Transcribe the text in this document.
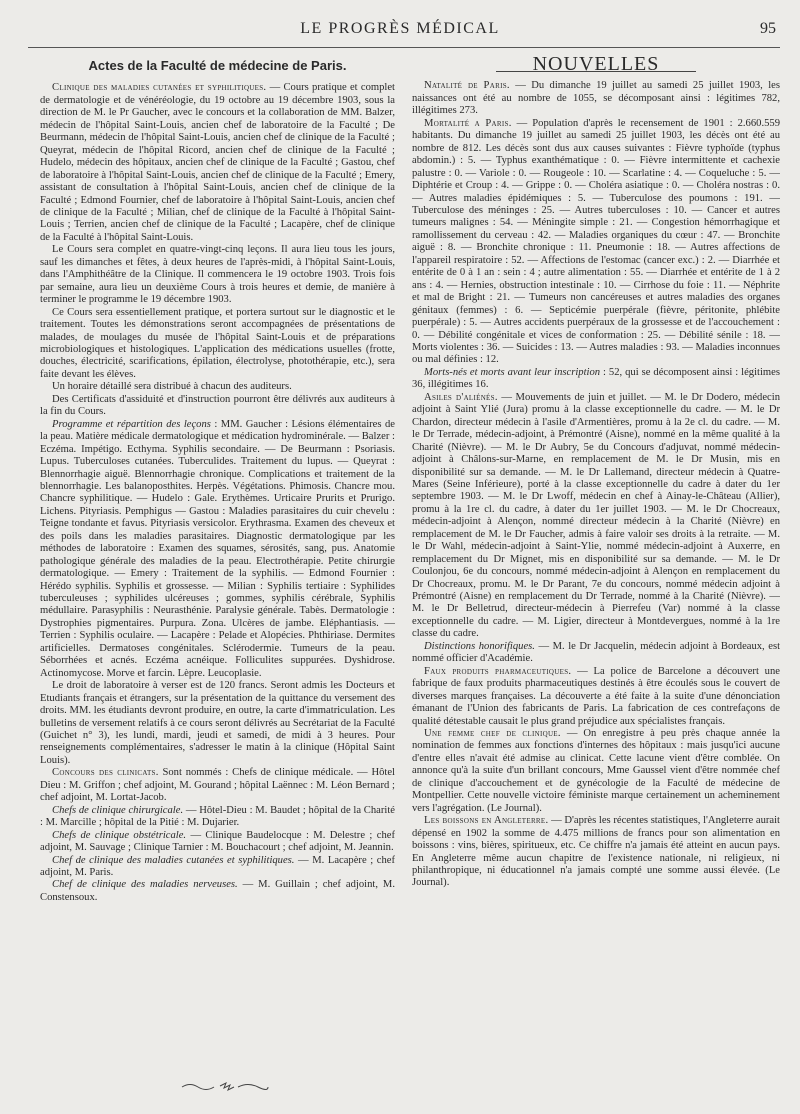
LE PROGRÈS MÉDICAL	95
Actes de la Faculté de médecine de Paris.

Clinique des maladies cutanées et syphilitiques. — Cours pratique et complet de dermatologie et de vénéréologie, du 19 octobre au 19 décembre 1903, sous la direction de M. le Pr Gaucher, avec le concours et la collaboration de MM. Balzer, médecin de l'hôpital Saint-Louis, ancien chef de laboratoire de la Faculté ; De Beurmann, médecin de l'hôpital Saint-Louis, ancien chef de clinique de la Faculté ; Queyrat, médecin de l'hôpital Ricord, ancien chef de clinique de la Faculté ; Hudelo, médecin des hôpitaux, ancien chef de clinique de la Faculté ; Gastou, chef de laboratoire à l'hôpital Saint-Louis, ancien chef de clinique de la Faculté ; Emery, assistant de consultation à l'hôpital Saint-Louis, ancien chef de clinique de la Faculté ; Edmond Fournier, chef de laboratoire à l'hôpital Saint-Louis, ancien chef de clinique de la Faculté ; Milian, chef de clinique de la Faculté à l'hôpital Saint-Louis ; Terrien, ancien chef de clinique de la Faculté ; Lacapère, chef de clinique de la Faculté à l'hôpital Saint-Louis.

Le Cours sera complet en quatre-vingt-cinq leçons. Il aura lieu tous les jours, sauf les dimanches et fêtes, à deux heures de l'après-midi, à l'hôpital Saint-Louis, dans l'Amphithéâtre de la Clinique. Il commencera le 19 octobre 1903. Trois fois par semaine, aura lieu un deuxième Cours à trois heures et demie, de manière à terminer le programme le 19 décembre 1903.

Ce Cours sera essentiellement pratique, et portera surtout sur le diagnostic et le traitement. Toutes les démonstrations seront accompagnées de présentations de malades, de moulages du musée de l'hôpital Saint-Louis et de préparations microbiologiques et histologiques. L'application des médications usuelles (frotte, douches, électricité, scarifications, épilation, électrolyse, photothérapie, etc.), sera faite devant les élèves.

Un horaire détaillé sera distribué à chacun des auditeurs.

Des Certificats d'assiduité et d'instruction pourront être délivrés aux auditeurs à la fin du Cours.

Programme et répartition des leçons : MM. Gaucher : Lésions élémentaires de la peau. Matière médicale dermatologique et médication hydrominérale. — Balzer : Eczéma. Impétigo. Ecthyma. Syphilis secondaire. — De Beurmann : Psoriasis. Lupus. Tuberculoses cutanées. Tuberculides. Traitement du lupus. — Queyrat : Blennorrhagie aiguë. Blennorrhagie chronique. Complications et traitement de la blennorrhagie. Les balanoposthites. Herpès. Végétations. Phimosis. Chancre mou. Chancre syphilitique. — Hudelo : Gale. Erythèmes. Urticaire Prurits et Prurigo. Lichens. Pityriasis. Pemphigus — Gastou : Maladies parasitaires du cuir chevelu : Teigne tondante et favus. Pityriasis versicolor. Erythrasma. Examen des cheveux et des poils dans les maladies parasitaires. Diagnostic dermatologique par les méthodes de laboratoire : Examen des squames, sérosités, sang, pus. Anatomie pathologique générale des maladies de la peau. Electrothérapie. Petite chirurgie dermatologique. — Emery : Traitement de la syphilis. — Edmond Fournier : Hérédo syphilis. Syphilis et grossesse. — Milian : Syphilis tertiaire : Syphilides tuberculeuses ; syphilides ulcéreuses ; gommes, syphilis cérébrale, Syphilis médullaire. Parasyphilis : Neurasthénie. Paralysie générale. Tabès. Dermatologie : Dystrophies pigmentaires. Purpura. Zona. Ulcères de jambe. Eléphantiasis. — Terrien : Syphilis oculaire. — Lacapère : Pelade et Alopécies. Phthiriase. Dermites artificielles. Dermatoses congénitales. Sclérodermie. Tumeurs de la peau. Séborrhées et acnés. Eczéma acnéique. Folliculites suppurées. Dyshidrose. Actinomycose. Morve et farcin. Lèpre. Leucoplasie.

Le droit de laboratoire à verser est de 120 francs. Seront admis les Docteurs et Etudiants français et étrangers, sur la présentation de la quittance du versement des droits. MM. les étudiants devront produire, en outre, la carte d'immatriculation. Les bulletins de versement relatifs à ce cours seront délivrés au Secrétariat de la Faculté (Guichet n° 3), les lundi, mardi, jeudi et samedi, de midi à 3 heures. Pour renseignements complémentaires, s'adresser le matin à la clinique (Hôpital Saint Louis).

Concours des clinicats. Sont nommés : Chefs de clinique médicale. — Hôtel Dieu : M. Griffon ; chef adjoint, M. Gourand ; hôpital Laënnec : M. Léon Bernard ; chef adjoint, M. Lortat-Jacob.

Chefs de clinique chirurgicale. — Hôtel-Dieu : M. Baudet ; hôpital de la Charité : M. Marcille ; hôpital de la Pitié : M. Dujarier.

Chefs de clinique obstétricale. — Clinique Baudelocque : M. Delestre ; chef adjoint, M. Sauvage ; Clinique Tarnier : M. Bouchacourt ; chef adjoint, M. Jeannin.

Chef de clinique des maladies cutanées et syphilitiques. — M. Lacapère ; chef adjoint, M. Paris.

Chef de clinique des maladies nerveuses. — M. Guillain ; chef adjoint, M. Constensoux.

NOUVELLES

Natalité de Paris. — Du dimanche 19 juillet au samedi 25 juillet 1903, les naissances ont été au nombre de 1055, se décomposant ainsi : légitimes 782, illégitimes 273.

Mortalité a Paris. — Population d'après le recensement de 1901 : 2.660.559 habitants. Du dimanche 19 juillet au samedi 25 juillet 1903, les décès ont été au nombre de 812. Les décès sont dus aux causes suivantes : Fièvre typhoïde (typhus abdomin.) : 5. — Typhus exanthématique : 0. — Fièvre intermittente et cachexie palustre : 0. — Variole : 0. — Rougeole : 10. — Scarlatine : 4. — Coqueluche : 5. — Diphtérie et Croup : 4. — Grippe : 0. — Choléra asiatique : 0. — Choléra nostras : 0. — Autres maladies épidémiques : 5. — Tuberculose des poumons : 191. — Tuberculose des méninges : 25. — Autres tuberculoses : 10. — Cancer et autres tumeurs malignes : 54. — Méningite simple : 21. — Congestion hémorrhagique et ramollissement du cerveau : 42. — Maladies organiques du cœur : 47. — Bronchite aiguë : 8. — Bronchite chronique : 11. Pneumonie : 18. — Autres affections de l'appareil respiratoire : 52. — Affections de l'estomac (cancer exc.) : 2. — Diarrhée et entérite de 0 à 1 an : sein : 4 ; autre alimentation : 55. — Diarrhée et entérite de 1 à 2 ans : 4. — Hernies, obstruction intestinale : 10. — Cirrhose du foie : 11. — Néphrite et mal de Bright : 21. — Tumeurs non cancéreuses et autres maladies des organes génitaux (femmes) : 6. — Septicémie puerpérale (fièvre, péritonite, phlébite puerpérale) : 5. — Autres accidents puerpéraux de la grossesse et de l'accouchement : 0. — Débilité congénitale et vices de conformation : 25. — Débilité sénile : 18. — Morts violentes : 36. — Suicides : 13. — Autres maladies : 93. — Maladies inconnues ou mal définies : 12.

Morts-nés et morts avant leur inscription : 52, qui se décomposent ainsi : légitimes 36, illégitimes 16.

Asiles d'aliénés. — Mouvements de juin et juillet. — M. le Dr Dodero, médecin adjoint à Saint Ylié (Jura) promu à la classe exceptionnelle du cadre. — M. le Dr Chardon, directeur médecin à l'asile d'Armentières, promu à la 2e cl. du cadre. — M. le Dr Terrade, médecin-adjoint, à Prémontré (Aisne), nommé en la même qualité à la Charité (Nièvre). — M. le Dr Aubry, 5e du Concours d'adjuvat, nommé médecin-adjoint à Châlons-sur-Marne, en remplacement de M. le Dr Musin, mis en disponibilité sur sa demande. — M. le Dr Lallemand, directeur médecin à Quatre-Mares (Seine Inférieure), porté à la classe exceptionnelle du cadre à dater du 1er septembre 1903. — M. le Dr Lwoff, médecin en chef à Ainay-le-Château (Allier), promu à la 1re cl. du cadre, à dater du 1er juillet 1903. — M. le Dr Chocreaux, médecin-adjoint à Alençon, nommé directeur médecin à la Charité (Nièvre) en remplacement de M. le Dr Faucher, admis à faire valoir ses droits à la retraite. — M. le Dr Wahl, médecin-adjoint à Saint-Ylie, nommé médecin-adjoint à Auxerre, en remplacement du Dr Mignet, mis en disponibilité sur sa demande. — M. le Dr Coulonjou, 6e du concours, nommé médecin-adjoint à Alençon en remplacement du Dr Chocreaux, promu. M. le Dr Parant, 7e du concours, nommé médecin adjoint à Prémontré (Aisne) en remplacement du Dr Terrade, nommé à la Charité (Nièvre). — M. le Dr Belletrud, directeur-médecin à Pierrefeu (Var) nommé à la classe exceptionnelle du cadre. — M. Ligier, directeur à Montdevergues, nommé à la 1re classe du cadre.

Distinctions honorifiques. — M. le Dr Jacquelin, médecin adjoint à Bordeaux, est nommé officier d'Académie.

Faux produits pharmaceutiques. — La police de Barcelone a découvert une fabrique de faux produits pharmaceutiques destinés à être écoulés sous le couvert de diverses marques françaises. La découverte a été faite à la suite d'une dénonciation émanant de l'Union des fabricants de Paris. La fabrication de ces contrefaçons de qualité détestable causait le plus grand préjudice aux spécialistes français.

Une femme chef de clinique. — On enregistre à peu près chaque année la nomination de femmes aux fonctions d'internes des hôpitaux : mais jusqu'ici aucune d'entre elles n'avait été admise au clinicat. Cette lacune vient d'être comblée. On annonce qu'à la suite d'un brillant concours, Mme Gaussel vient d'être nommée chef de clinique d'accouchement et de gynécologie de la Faculté de médecine de Montpellier. Cette nouvelle victoire féministe marque certainement un acheminement vers l'agrégation. (Le Journal).

Les boissons en Angleterre. — D'après les récentes statistiques, l'Angleterre aurait dépensé en 1902 la somme de 4.475 millions de francs pour son alimentation en boissons : vins, bières, spiritueux, etc. Ce chiffre n'a jamais été atteint en aucun pays. En Angleterre même aucun chapitre de l'existence nationale, ni religieux, ni philanthropique, ni éducationnel n'a jamais compté une somme aussi élevée. (Le Journal).
